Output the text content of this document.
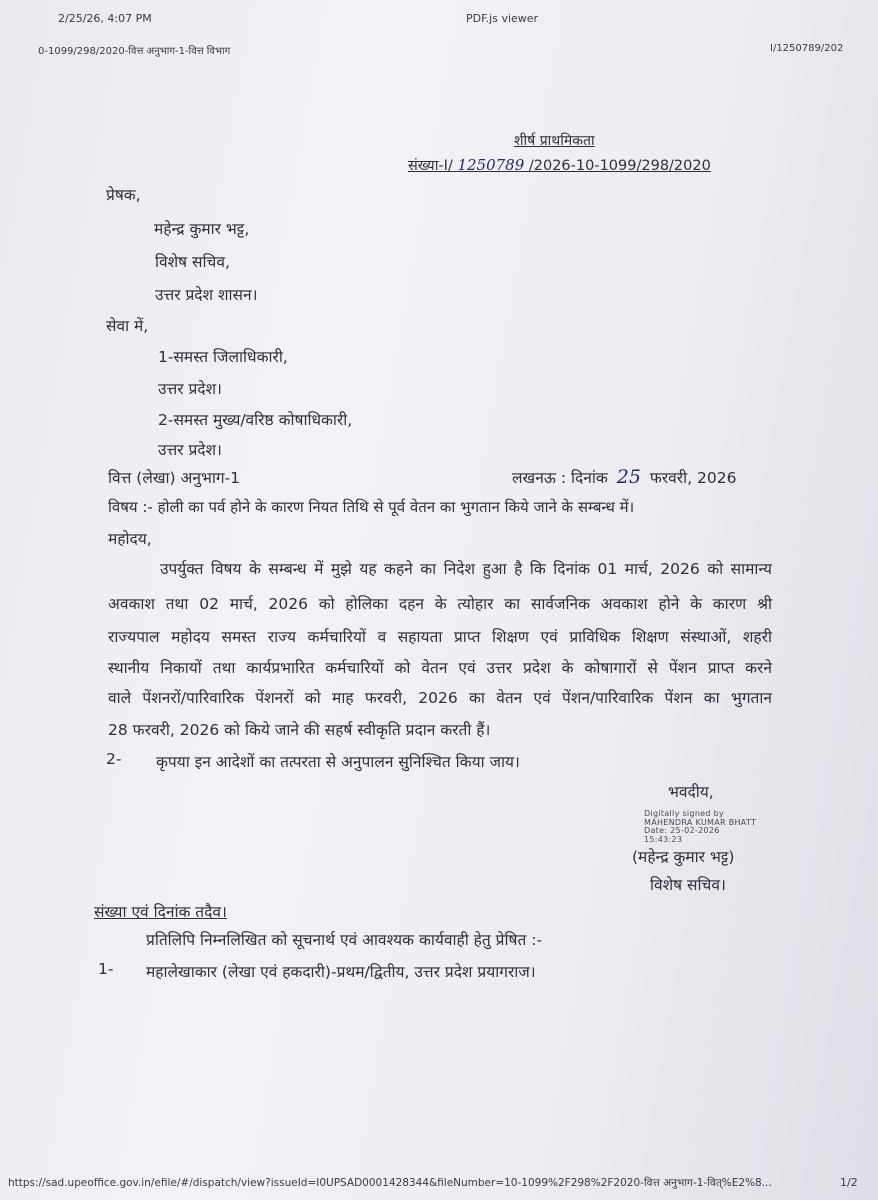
2/25/26, 4:07 PM	PDF.js viewer
0-1099/298/2020-वित्त अनुभाग-1-वित्त विभाग	I/1250789/202
शीर्ष प्राथमिकता
संख्या-I/ 1250789 /2026-10-1099/298/2020
प्रेषक,
महेन्द्र कुमार भट्ट,
विशेष सचिव,
उत्तर प्रदेश शासन।
सेवा में,
1-समस्त जिलाधिकारी,
उत्तर प्रदेश।
2-समस्त मुख्य/वरिष्ठ कोषाधिकारी,
उत्तर प्रदेश।
वित्त (लेखा) अनुभाग-1	लखनऊ : दिनांक 25 फरवरी, 2026
विषय :- होली का पर्व होने के कारण नियत तिथि से पूर्व वेतन का भुगतान किये जाने के सम्बन्ध में।
महोदय,
उपर्युक्त विषय के सम्बन्ध में मुझे यह कहने का निदेश हुआ है कि दिनांक 01 मार्च, 2026 को सामान्य
अवकाश तथा 02 मार्च, 2026 को होलिका दहन के त्योहार का सार्वजनिक अवकाश होने के कारण श्री
राज्यपाल महोदय समस्त राज्य कर्मचारियों व सहायता प्राप्त शिक्षण एवं प्राविधिक शिक्षण संस्थाओं, शहरी
स्थानीय निकायों तथा कार्यप्रभारित कर्मचारियों को वेतन एवं उत्तर प्रदेश के कोषागारों से पेंशन प्राप्त करने
वाले पेंशनरों/पारिवारिक पेंशनरों को माह फरवरी, 2026 का वेतन एवं पेंशन/पारिवारिक पेंशन का भुगतान
28 फरवरी, 2026 को किये जाने की सहर्ष स्वीकृति प्रदान करती हैं।
2- कृपया इन आदेशों का तत्परता से अनुपालन सुनिश्चित किया जाय।
भवदीय,
Digitally signed by
MAHENDRA KUMAR BHATT
Date: 25-02-2026
15:43:23
(महेन्द्र कुमार भट्ट)
विशेष सचिव।
संख्या एवं दिनांक तदैव।
प्रतिलिपि निम्नलिखित को सूचनार्थ एवं आवश्यक कार्यवाही हेतु प्रेषित :-
1- महालेखाकार (लेखा एवं हकदारी)-प्रथम/द्वितीय, उत्तर प्रदेश प्रयागराज।
https://sad.upeoffice.gov.in/efile/#/dispatch/view?issueId=I0UPSAD0001428344&fileNumber=10-1099%2F298%2F2020-वित्त अनुभाग-1-वित्%E2%8...	1/2
